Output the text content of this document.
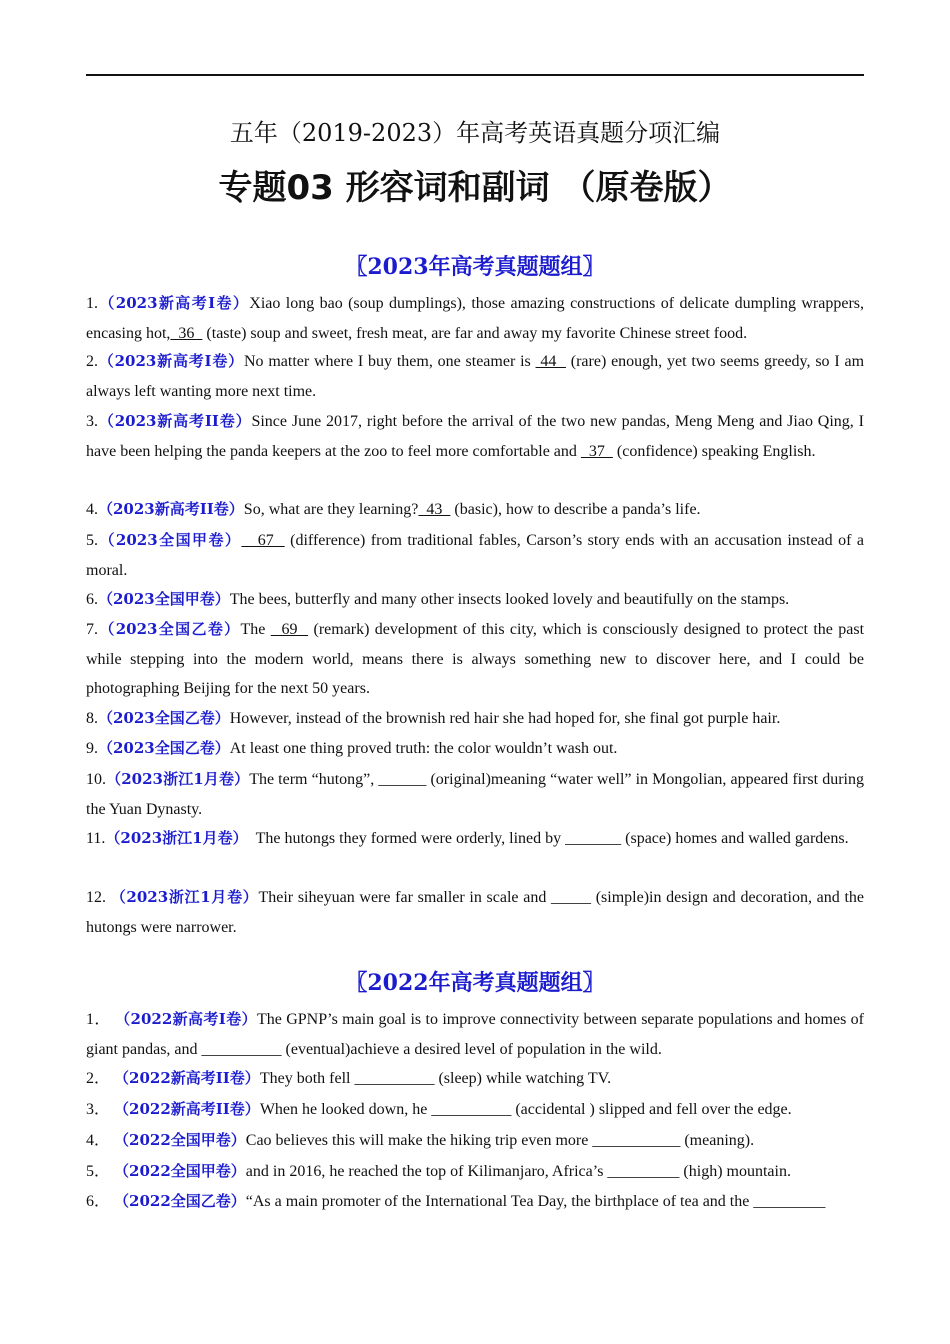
五年（2019-2023）年高考英语真题分项汇编
专题03 形容词和副词 （原卷版）
〖2023年高考真题题组〗
1.（2023新高考I卷）Xiao long bao (soup dumplings), those amazing constructions of delicate dumpling wrappers, encasing hot,  36   (taste) soup and sweet, fresh meat, are far and away my favorite Chinese street food.
2.（2023新高考I卷）No matter where I buy them, one steamer is  44   (rare) enough, yet two seems greedy, so I am always left wanting more next time.
3.（2023新高考II卷）Since June 2017, right before the arrival of the two new pandas, Meng Meng and Jiao Qing, I have been helping the panda keepers at the zoo to feel more comfortable and   37   (confidence) speaking English.
4.（2023新高考II卷）So, what are they learning?  43   (basic), how to describe a panda’s life.
5.（2023全国甲卷）   67   (difference) from traditional fables, Carson’s story ends with an accusation instead of a moral.
6.（2023全国甲卷）The bees, butterfly and many other insects looked lovely and beautifully on the stamps.
7.（2023全国乙卷）The   69   (remark) development of this city, which is consciously designed to protect the past while stepping into the modern world, means there is always something new to discover here, and I could be photographing Beijing for the next 50 years.
8.（2023全国乙卷）However, instead of the brownish red hair she had hoped for, she final got purple hair.
9.（2023全国乙卷）At least one thing proved truth: the color wouldn’t wash out.
10.（2023浙江1月卷）The term “hutong”, ______ (original)meaning “water well” in Mongolian, appeared first during the Yuan Dynasty.
11.（2023浙江1月卷）  The hutongs they formed were orderly, lined by _______ (space) homes and walled gardens.
12. （2023浙江1月卷）Their siheyuan were far smaller in scale and _____ (simple)in design and decoration, and the hutongs were narrower.
〖2022年高考真题题组〗
1． （2022新高考I卷）The GPNP’s main goal is to improve connectivity between separate populations and homes of giant pandas, and __________ (eventual)achieve a desired level of population in the wild.
2． （2022新高考II卷）They both fell __________ (sleep) while watching TV.
3． （2022新高考II卷）When he looked down, he __________ (accidental ) slipped and fell over the edge.
4． （2022全国甲卷）Cao believes this will make the hiking trip even more ___________ (meaning).
5． （2022全国甲卷）and in 2016, he reached the top of Kilimanjaro, Africa’s _________ (high) mountain.
6． （2022全国乙卷）“As a main promoter of the International Tea Day, the birthplace of tea and the _________
